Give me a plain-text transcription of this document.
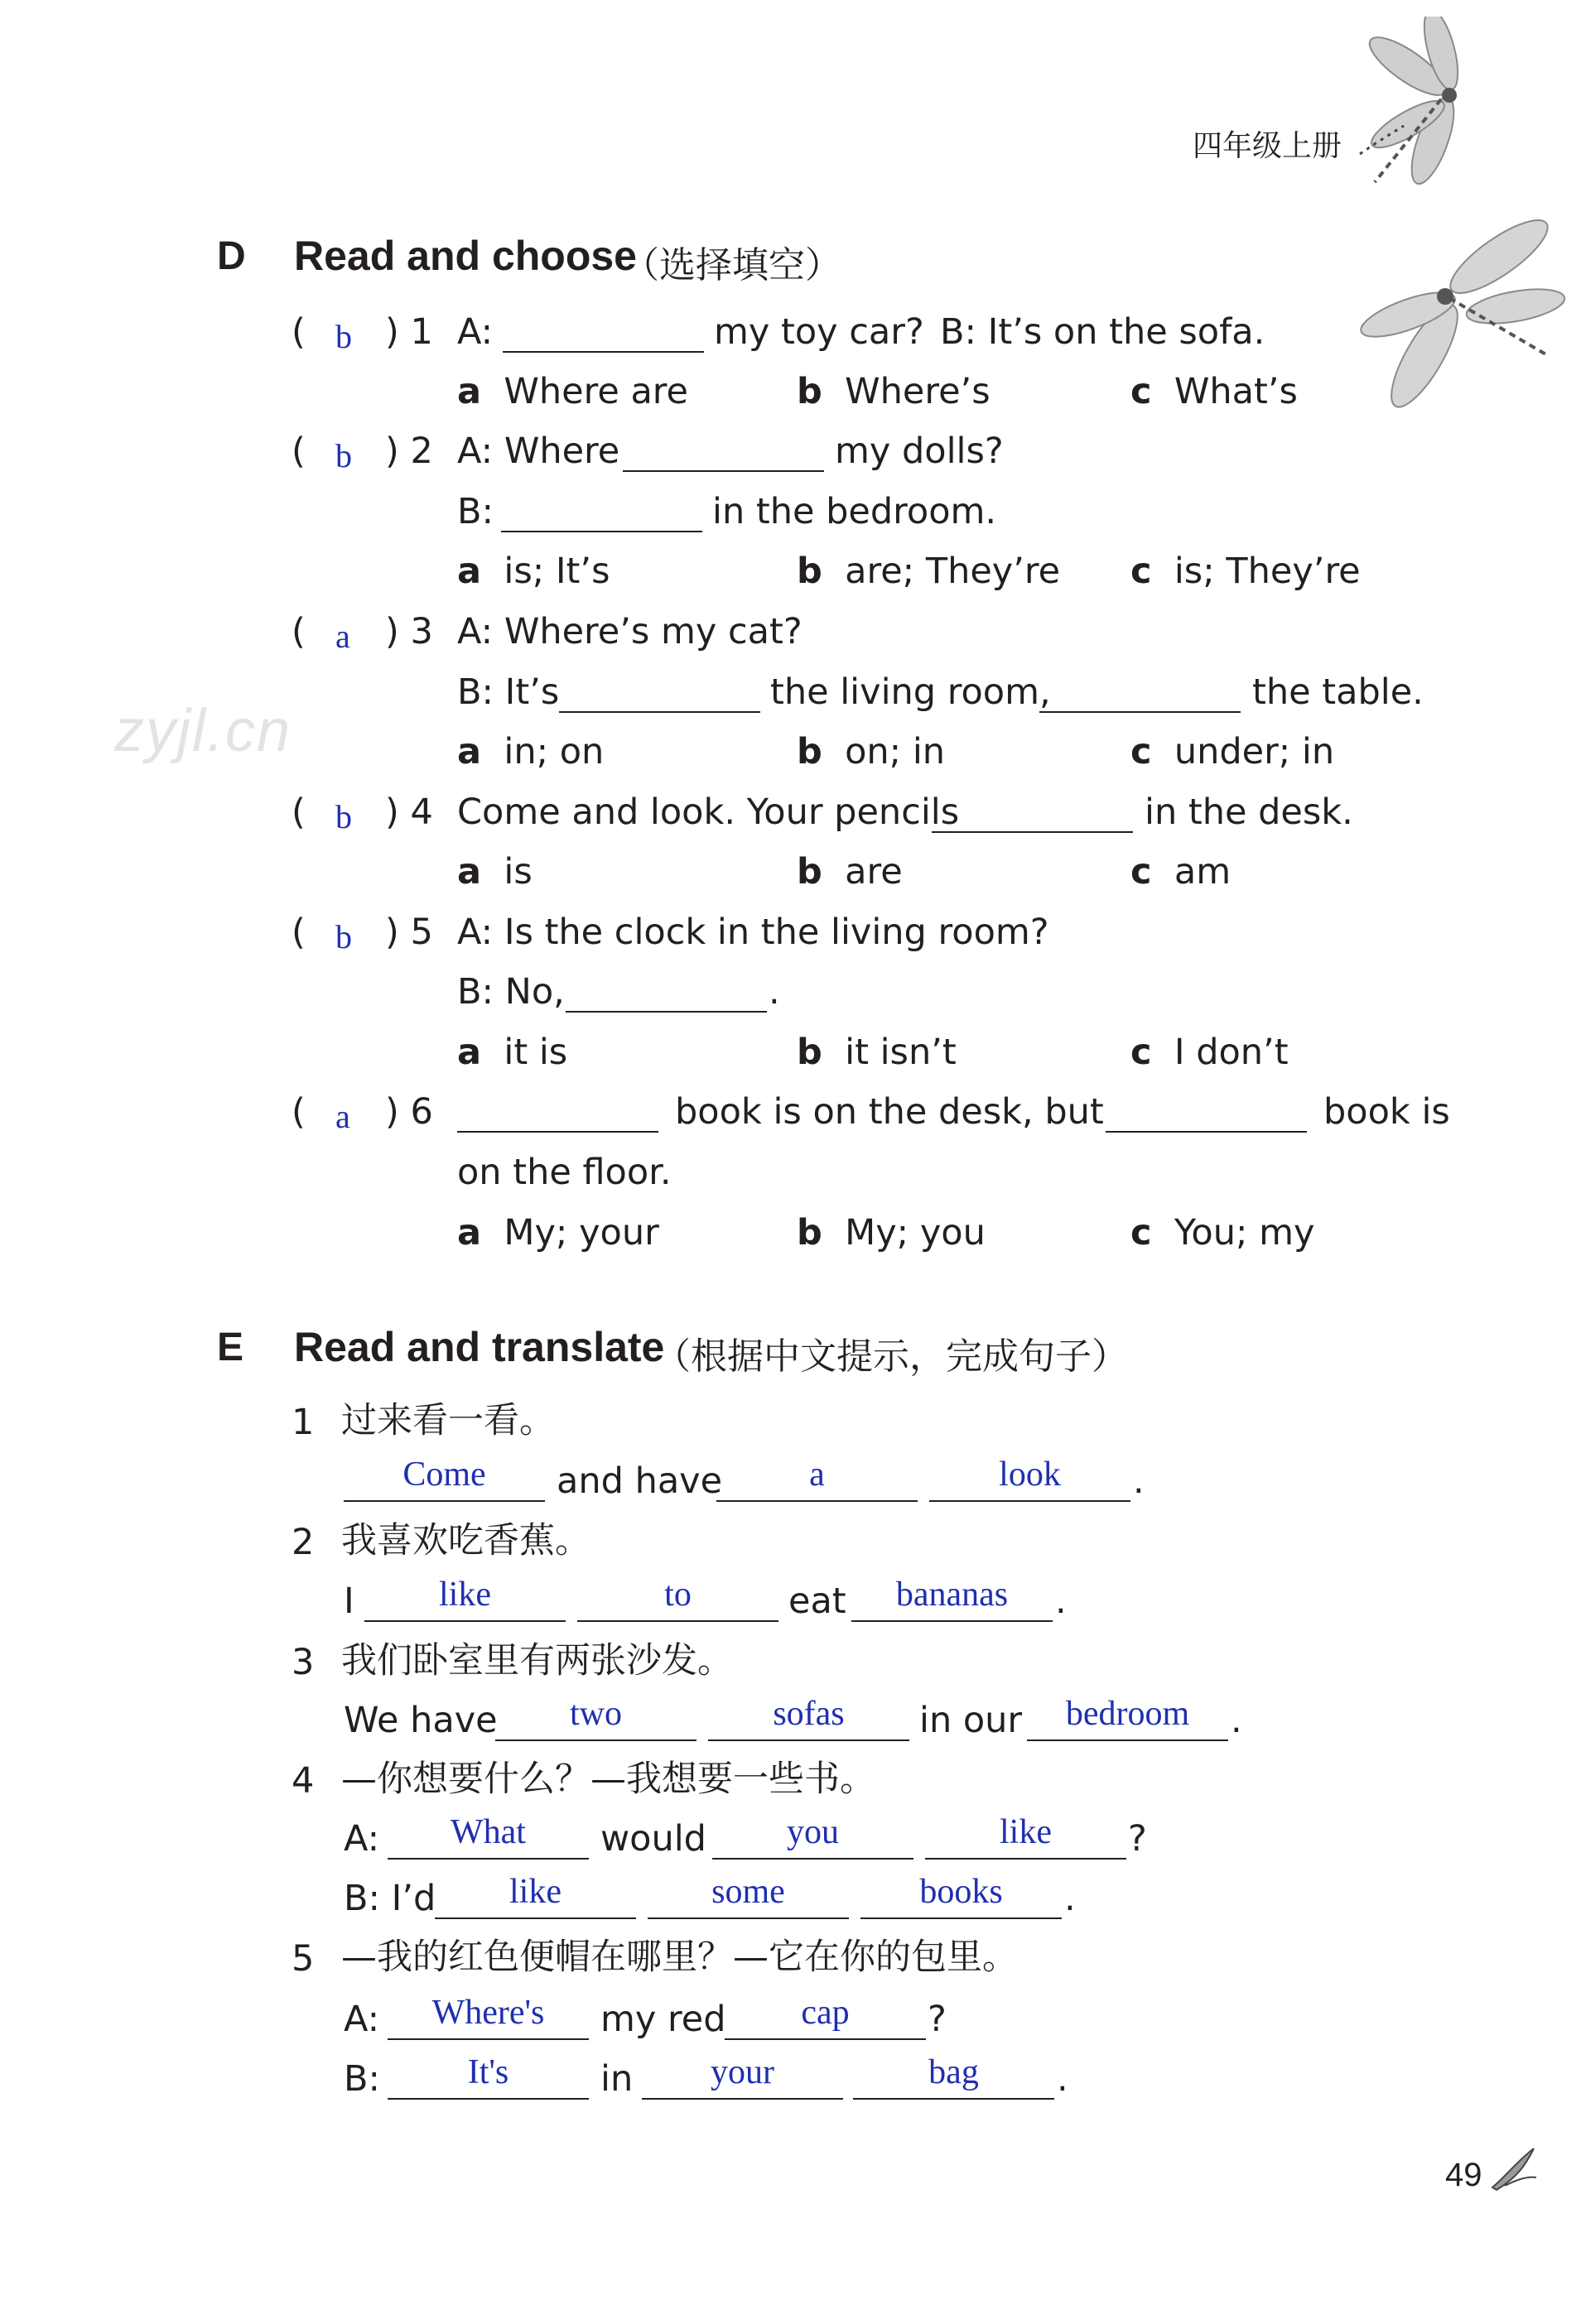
四年级上册
zyjl.cn
D Read and choose
（选择填空）
( b ) 1 A:	my toy car? B: It’s on the sofa.
a Where are	b Where’s	c What’s
( b ) 2 A: Where	my dolls?
B:	in the bedroom.
a is; It’s	b are; They’re c is; They’re
( a ) 3 A: Where’s my cat?
B: It’s	the living room,	the table.
a in; on	b on; in	c under; in
( b ) 4 Come and look. Your pencils	in the desk.
a is	b are	c am
( b ) 5 A: Is the clock in the living room?
B: No,	.
a it is	b it isn’t	c I don’t
( a ) 6	book is on the desk, but	book is
on the floor.
a My; your	b My; you	c You; my
E Read and translate
（根据中文提示，完成句子）
1 过来看一看。
Come	and have	a	look	.
2 我喜欢吃香蕉。
I	like	to	eat	bananas	.
3 我们卧室里有两张沙发。
We have	two	sofas	in our	bedroom	.
4 —你想要什么？—我想要一些书。
A:	What	would	you	like	?
B: I’d	like	some	books	.
5 —我的红色便帽在哪里？—它在你的包里。
A:	Where's	my red	cap	?
B:	It's	in	your	bag	.
49
